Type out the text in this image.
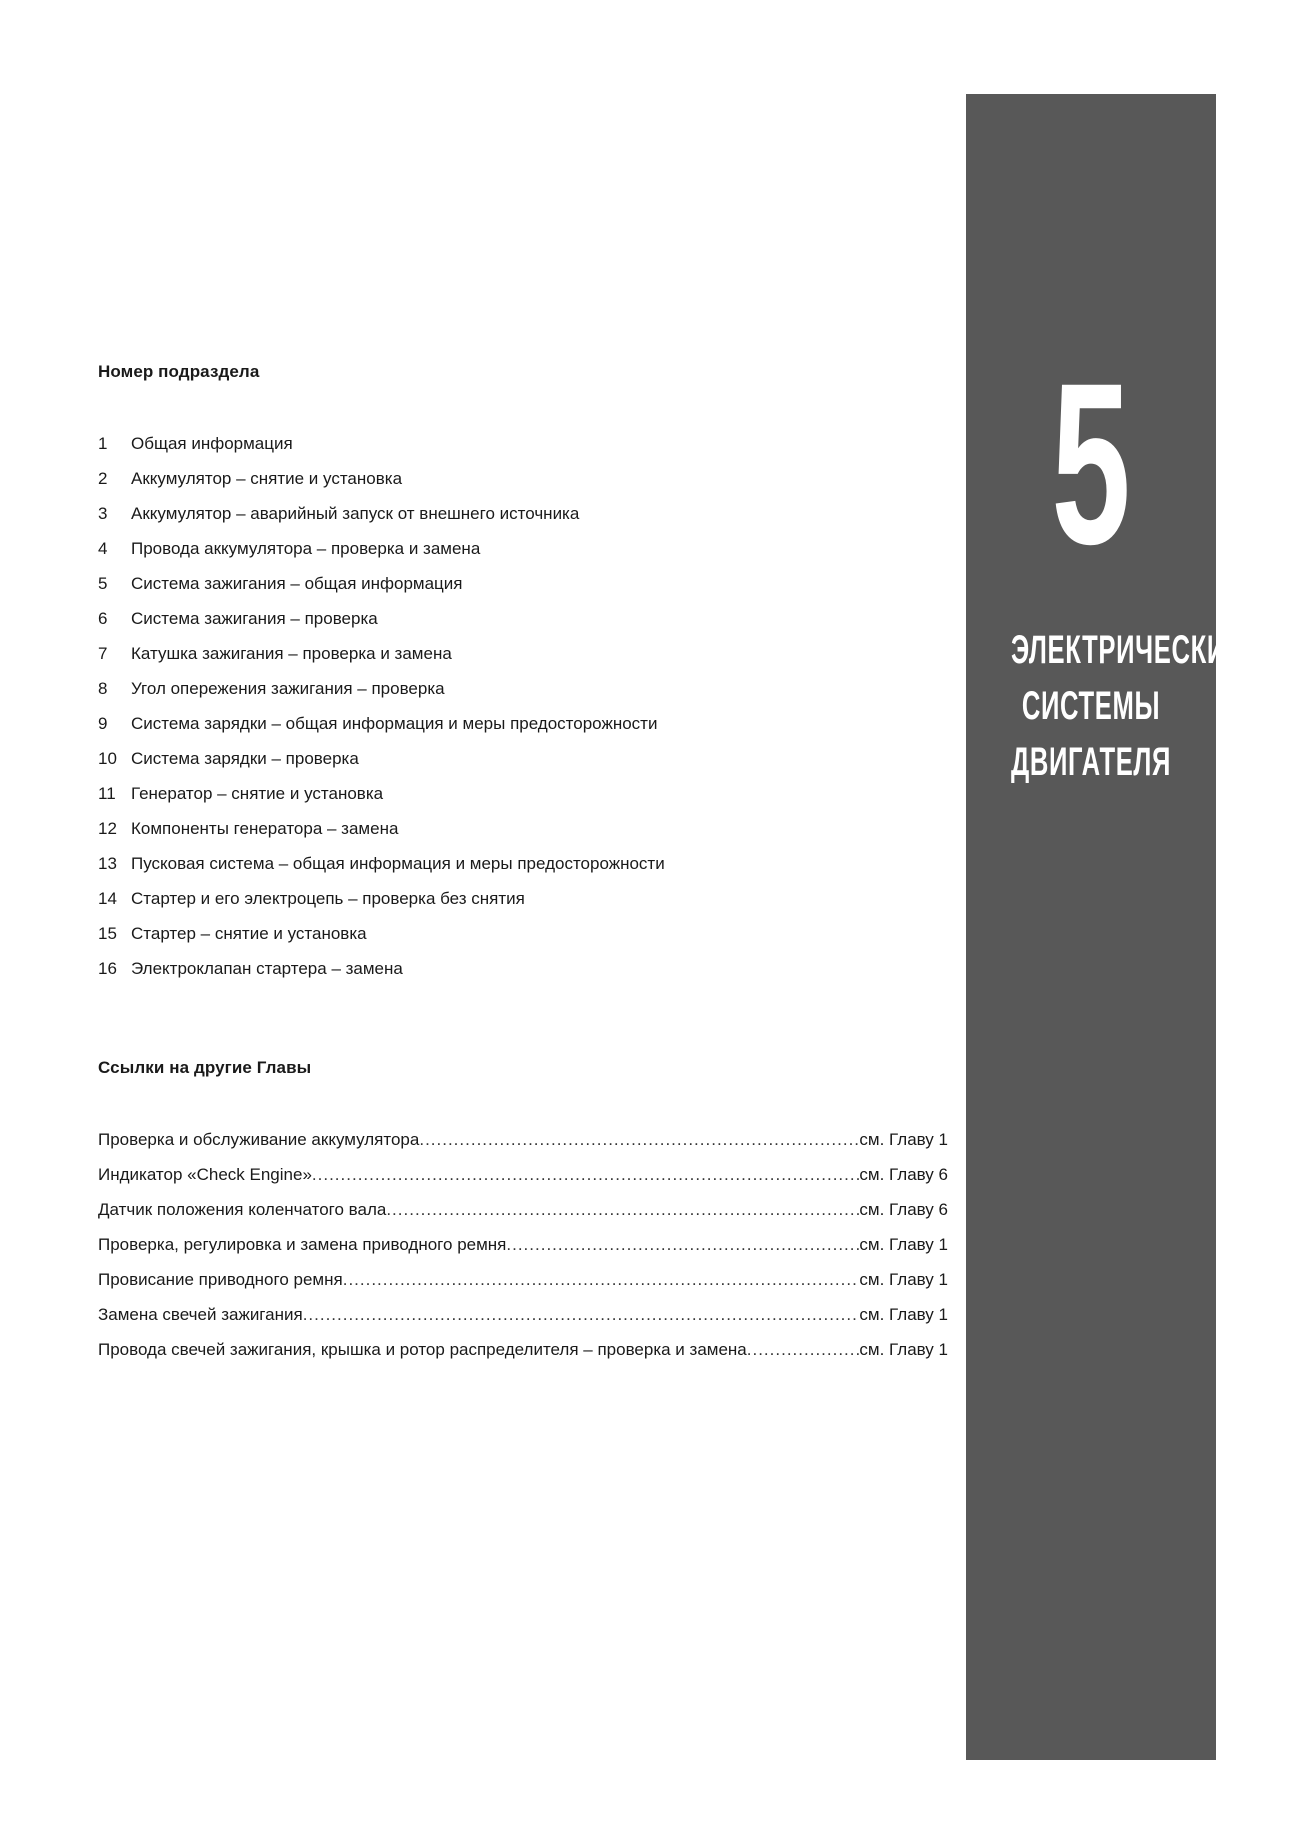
Номер подраздела
1	Общая информация
2	Аккумулятор – снятие и установка
3	Аккумулятор – аварийный запуск от внешнего источника
4	Провода аккумулятора – проверка и замена
5	Система зажигания – общая информация
6	Система зажигания – проверка
7	Катушка зажигания – проверка и замена
8	Угол опережения зажигания – проверка
9	Система зарядки – общая информация и меры предосторожности
10 Система зарядки – проверка
11 Генератор – снятие и установка
12 Компоненты генератора – замена
13 Пусковая система – общая информация и меры предосторожности
14 Стартер и его электроцепь – проверка без снятия
15 Стартер – снятие и установка
16 Электроклапан стартера – замена
Ссылки на другие Главы
Проверка и обслуживание аккумулятора .....	см. Главу 1
Индикатор «Check Engine» .....	см. Главу 6
Датчик положения коленчатого вала .....	см. Главу 6
Проверка, регулировка и замена приводного ремня .....	см. Главу 1
Провисание приводного ремня .....	см. Главу 1
Замена свечей зажигания .....	см. Главу 1
Провода свечей зажигания, крышка и ротор распределителя – проверка и замена .....	см. Главу 1
5
ЭЛЕКТРИЧЕСКИЕ
СИСТЕМЫ
ДВИГАТЕЛЯ
